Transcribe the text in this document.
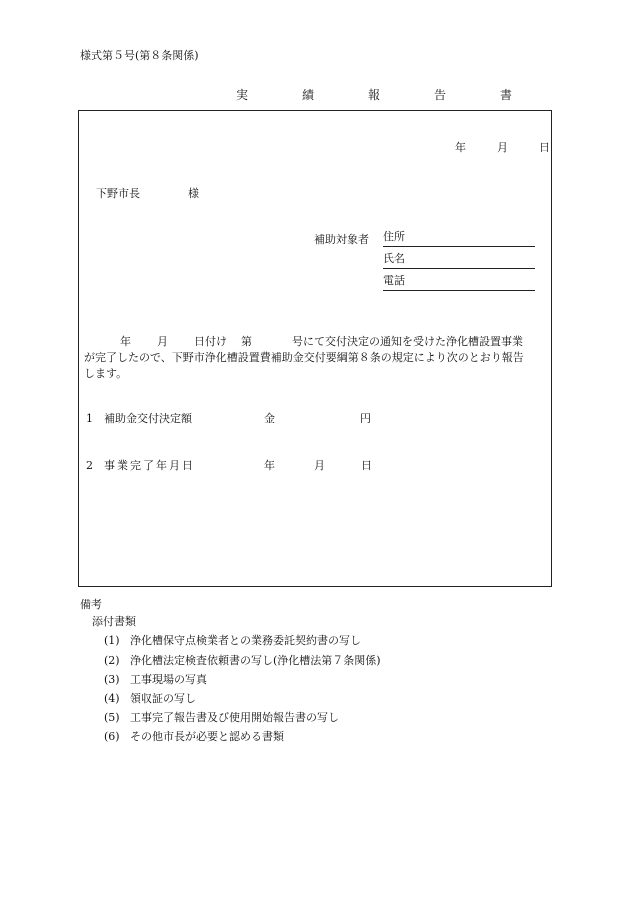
様式第５号(第８条関係)
実　績　報　告　書
年	月	日
下野市長	様
補助対象者 住所
氏名
電話
年 月 日付け 第	号にて交付決定の通知を受けた浄化槽設置事業
が完了したので、下野市浄化槽設置費補助金交付要綱第８条の規定により次のとおり報告
します。
1 補助金交付決定額	金	円
2 事業完了年月日	年	月	日
備考
添付書類
(1) 浄化槽保守点検業者との業務委託契約書の写し
(2) 浄化槽法定検査依頼書の写し(浄化槽法第７条関係)
(3) 工事現場の写真
(4) 領収証の写し
(5) 工事完了報告書及び使用開始報告書の写し
(6) その他市長が必要と認める書類
